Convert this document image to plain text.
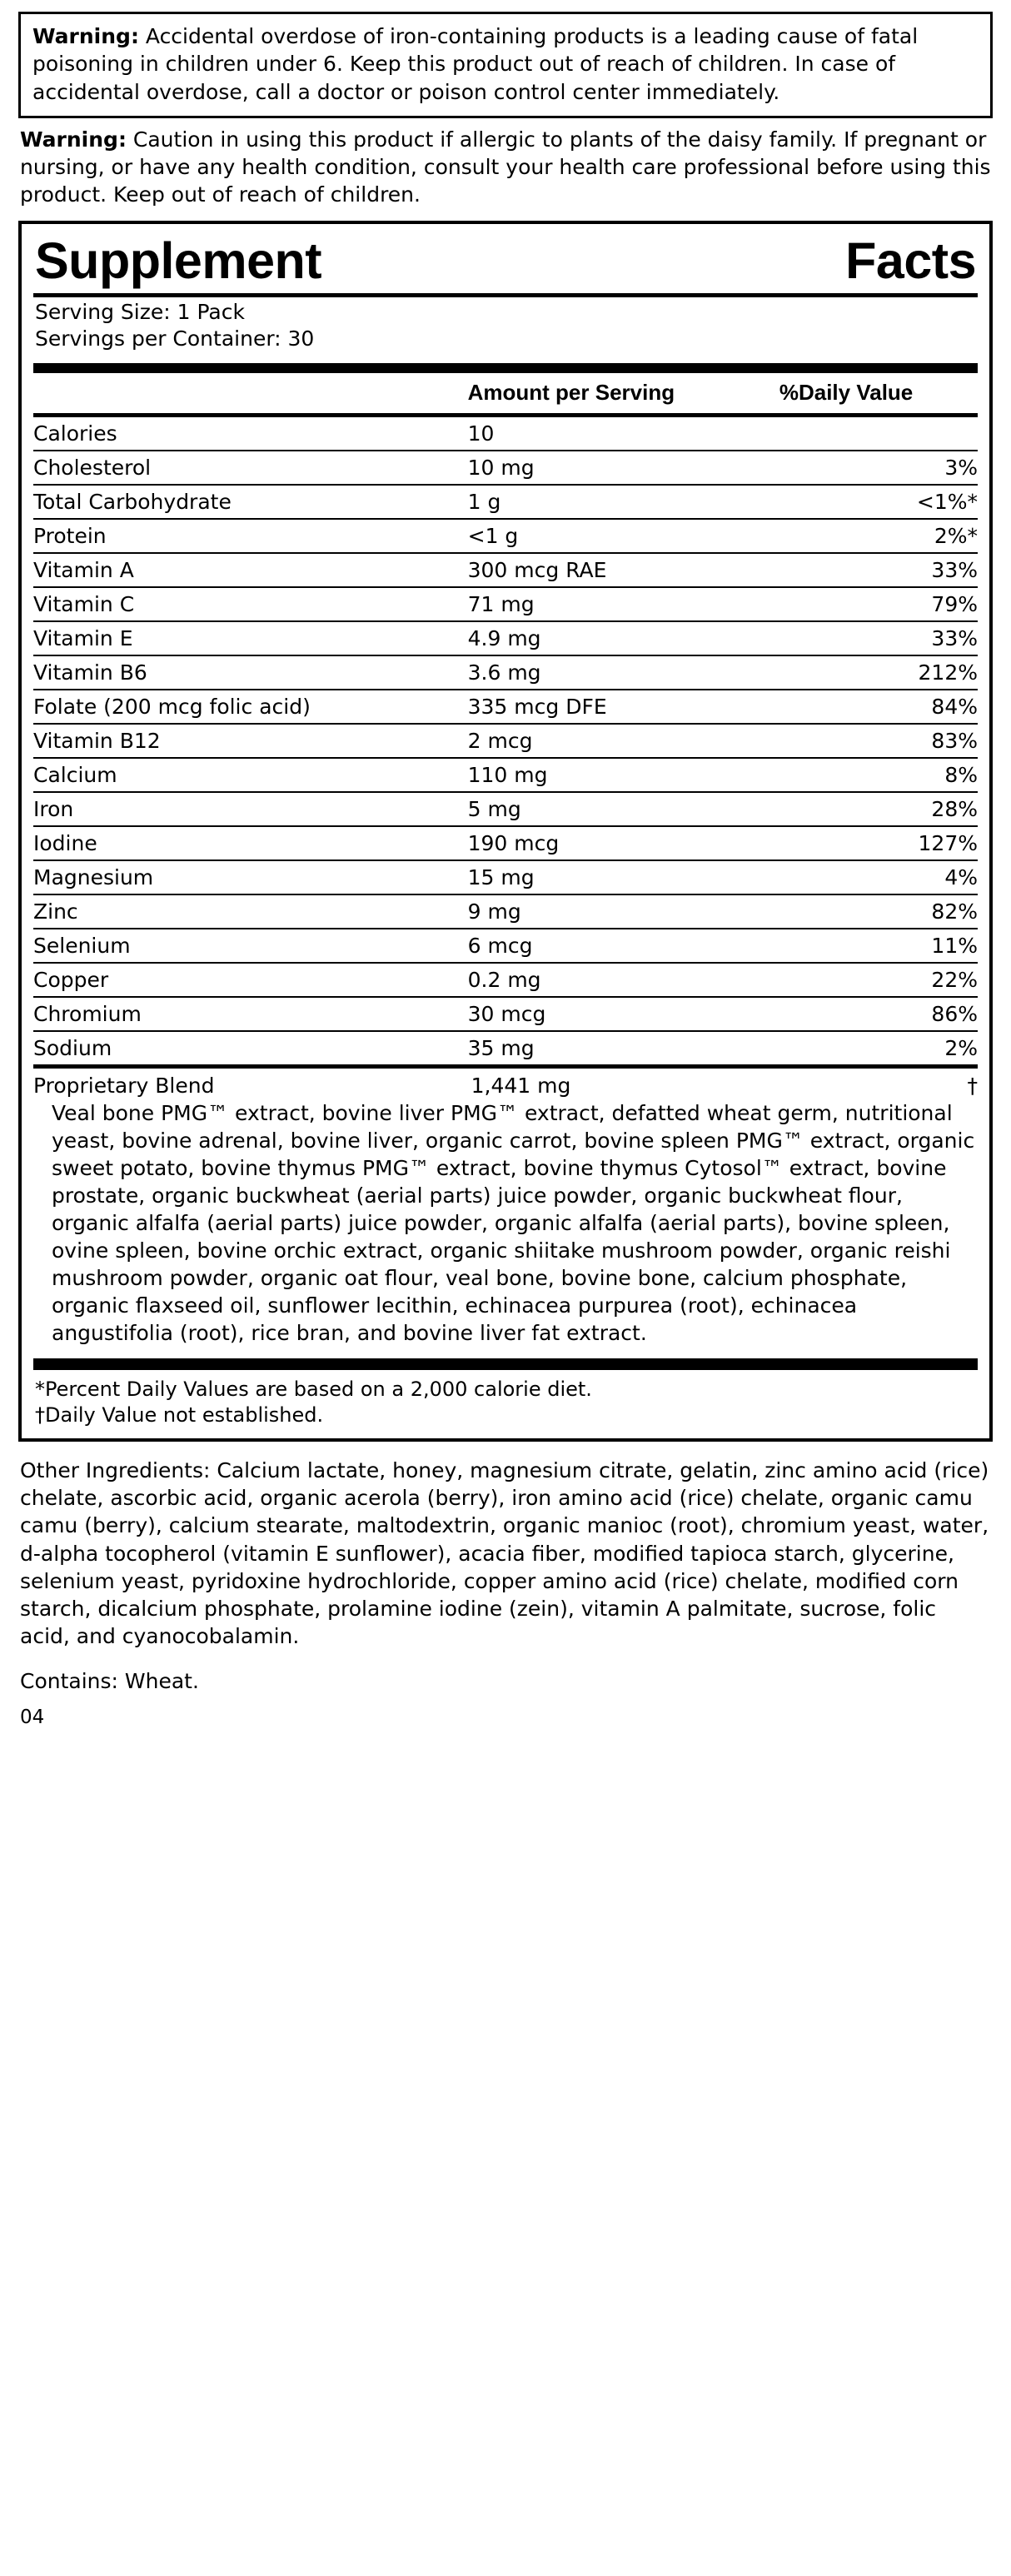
Warning: Accidental overdose of iron-containing products is a leading cause of fatal poisoning in children under 6. Keep this product out of reach of children. In case of accidental overdose, call a doctor or poison control center immediately.
Warning: Caution in using this product if allergic to plants of the daisy family. If pregnant or nursing, or have any health condition, consult your health care professional before using this product. Keep out of reach of children.
Supplement	Facts
Serving Size: 1 Pack
Servings per Container: 30
	Amount per Serving	%Daily Value
Calories	10	
Cholesterol	10 mg	3%
Total Carbohydrate	1 g	<1%*
Protein	<1 g	2%*
Vitamin A	300 mcg RAE	33%
Vitamin C	71 mg	79%
Vitamin E	4.9 mg	33%
Vitamin B6	3.6 mg	212%
Folate (200 mcg folic acid)	335 mcg DFE	84%
Vitamin B12	2 mcg	83%
Calcium	110 mg	8%
Iron	5 mg	28%
Iodine	190 mcg	127%
Magnesium	15 mg	4%
Zinc	9 mg	82%
Selenium	6 mcg	11%
Copper	0.2 mg	22%
Chromium	30 mcg	86%
Sodium	35 mg	2%
Proprietary Blend	1,441 mg	†
Veal bone PMG™ extract, bovine liver PMG™ extract, defatted wheat germ, nutritional yeast, bovine adrenal, bovine liver, organic carrot, bovine spleen PMG™ extract, organic sweet potato, bovine thymus PMG™ extract, bovine thymus Cytosol™ extract, bovine prostate, organic buckwheat (aerial parts) juice powder, organic buckwheat flour, organic alfalfa (aerial parts) juice powder, organic alfalfa (aerial parts), bovine spleen, ovine spleen, bovine orchic extract, organic shiitake mushroom powder, organic reishi mushroom powder, organic oat flour, veal bone, bovine bone, calcium phosphate, organic flaxseed oil, sunflower lecithin, echinacea purpurea (root), echinacea angustifolia (root), rice bran, and bovine liver fat extract.
*Percent Daily Values are based on a 2,000 calorie diet.
†Daily Value not established.
Other Ingredients: Calcium lactate, honey, magnesium citrate, gelatin, zinc amino acid (rice) chelate, ascorbic acid, organic acerola (berry), iron amino acid (rice) chelate, organic camu camu (berry), calcium stearate, maltodextrin, organic manioc (root), chromium yeast, water, d-alpha tocopherol (vitamin E sunflower), acacia fiber, modified tapioca starch, glycerine, selenium yeast, pyridoxine hydrochloride, copper amino acid (rice) chelate, modified corn starch, dicalcium phosphate, prolamine iodine (zein), vitamin A palmitate, sucrose, folic acid, and cyanocobalamin.
Contains: Wheat.
04
